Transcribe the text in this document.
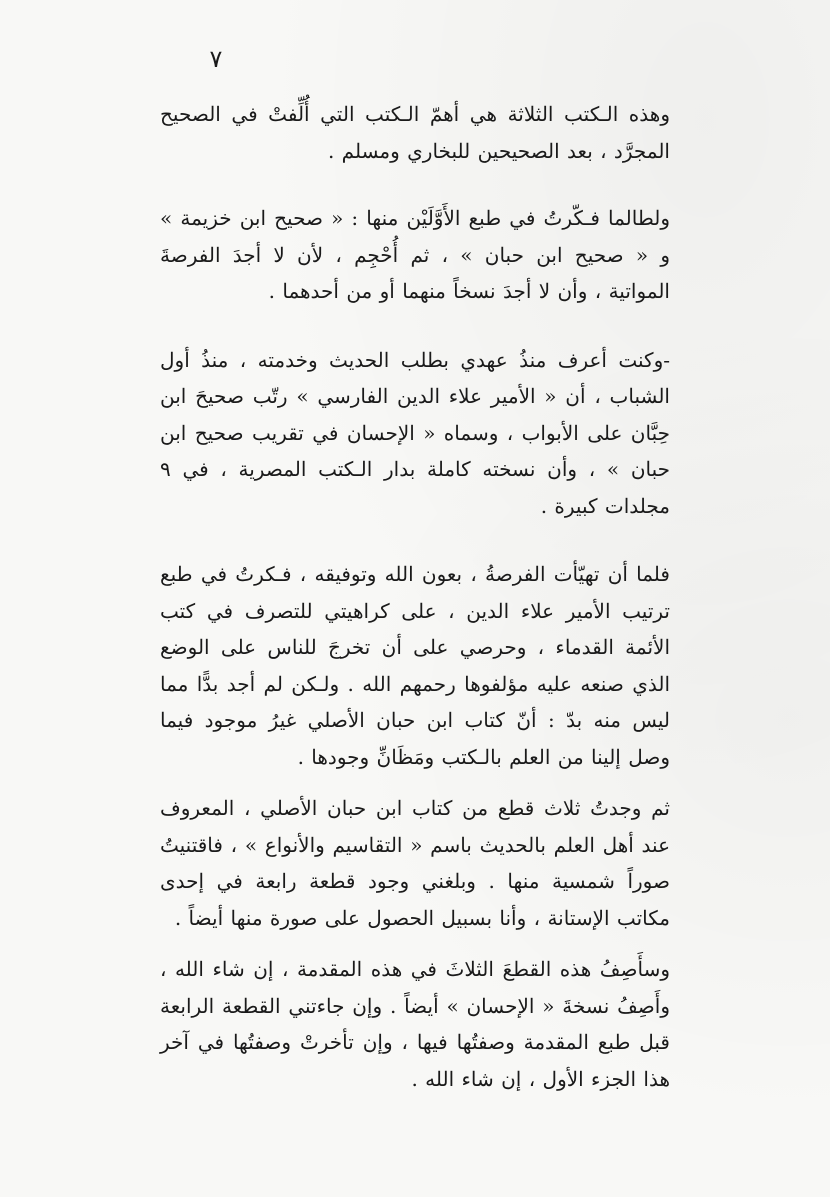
٧

وهذه الـكتب الثلاثة هي أهمّ الـكتب التي أُلِّفتْ في الصحيح المجرَّد ، بعد الصحيحين للبخاري ومسلم .

ولطالما فـكّرتُ في طبع الأَوَّلَيْن منها : « صحيح ابن خزيمة » و « صحيح ابن حبان » ، ثم أُحْجِم ، لأن لا أجدَ الفرصةَ المواتية ، وأن لا أجدَ نسخاً منهما أو من أحدهما .

-وكنت أعرف منذُ عهدي بطلب الحديث وخدمته ، منذُ أول الشباب ، أن « الأمير علاء الدين الفارسي » رتّب صحيحَ ابن حِبَّان على الأبواب ، وسماه « الإحسان في تقريب صحيح ابن حبان » ، وأن نسخته كاملة بدار الـكتب المصرية ، في ٩ مجلدات كبيرة .

فلما أن تهيّأت الفرصةُ ، بعون الله وتوفيقه ، فـكرتُ في طبع ترتيب الأمير علاء الدين ، على كراهيتي للتصرف في كتب الأئمة القدماء ، وحرصي على أن تخرجَ للناس على الوضع الذي صنعه عليه مؤلفوها رحمهم الله . ولـكن لم أجد بدًّا مما ليس منه بدّ : أنّ كتاب ابن حبان الأصلي غيرُ موجود فيما وصل إلينا من العلم بالـكتب ومَظَانِّ وجودها .

ثم وجدتُ ثلاث قطع من كتاب ابن حبان الأصلي ، المعروف عند أهل العلم بالحديث باسم « التقاسيم والأنواع » ، فاقتنيتُ صوراً شمسية منها . وبلغني وجود قطعة رابعة في إحدى مكاتب الإستانة ، وأنا بسبيل الحصول على صورة منها أيضاً .

وسأَصِفُ هذه القطعَ الثلاثَ في هذه المقدمة ، إن شاء الله ، وأَصِفُ نسخةَ « الإحسان » أيضاً . وإن جاءتني القطعة الرابعة قبل طبع المقدمة وصفتُها فيها ، وإن تأخرتْ وصفتُها في آخر هذا الجزء الأول ، إن شاء الله .
